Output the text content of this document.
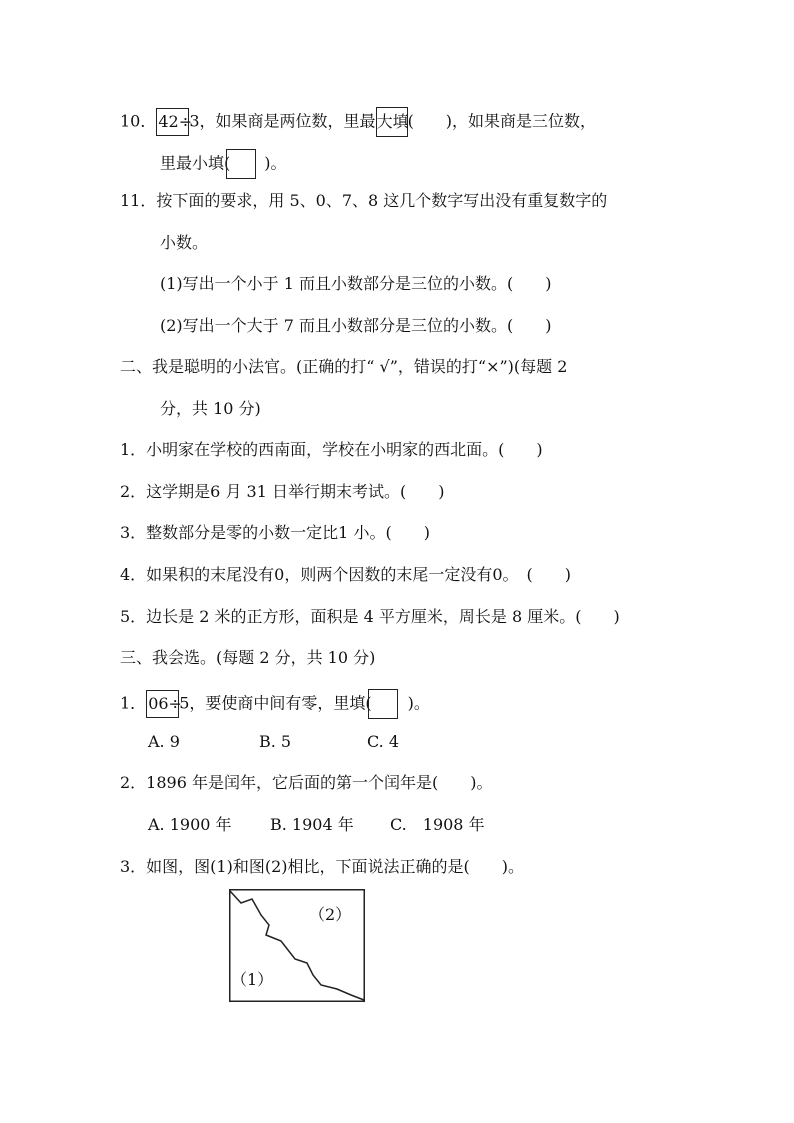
10． 42÷3，如果商是两位数，里最大填(　　)，如果商是三位数，
里最小填( )。
11．按下面的要求，用 5、0、7、8 这几个数字写出没有重复数字的
小数。
(1)写出一个小于 1 而且小数部分是三位的小数。(　　)
(2)写出一个大于 7 而且小数部分是三位的小数。(　　)
二、我是聪明的小法官。(正确的打“ √”，错误的打“×”)(每题 2
分，共 10 分)
1．小明家在学校的西南面，学校在小明家的西北面。(　　)
2．这学期是6 月 31 日举行期末考试。(　　)
3．整数部分是零的小数一定比1 小。(　　)
4．如果积的末尾没有0，则两个因数的末尾一定没有0。　(　　)
5．边长是 2 米的正方形，面积是 4 平方厘米，周长是 8 厘米。(　　)
三、我会选。(每题 2 分，共 10 分)
1． 06÷5，要使商中间有零，里填( )。
A. 9	B. 5	C. 4
2．1896 年是闰年，它后面的第一个闰年是(　　)。
A. 1900 年 B. 1904 年 C.　1908 年
3．如图，图(1)和图(2)相比，下面说法正确的是(　　)。
（2）
（1）
